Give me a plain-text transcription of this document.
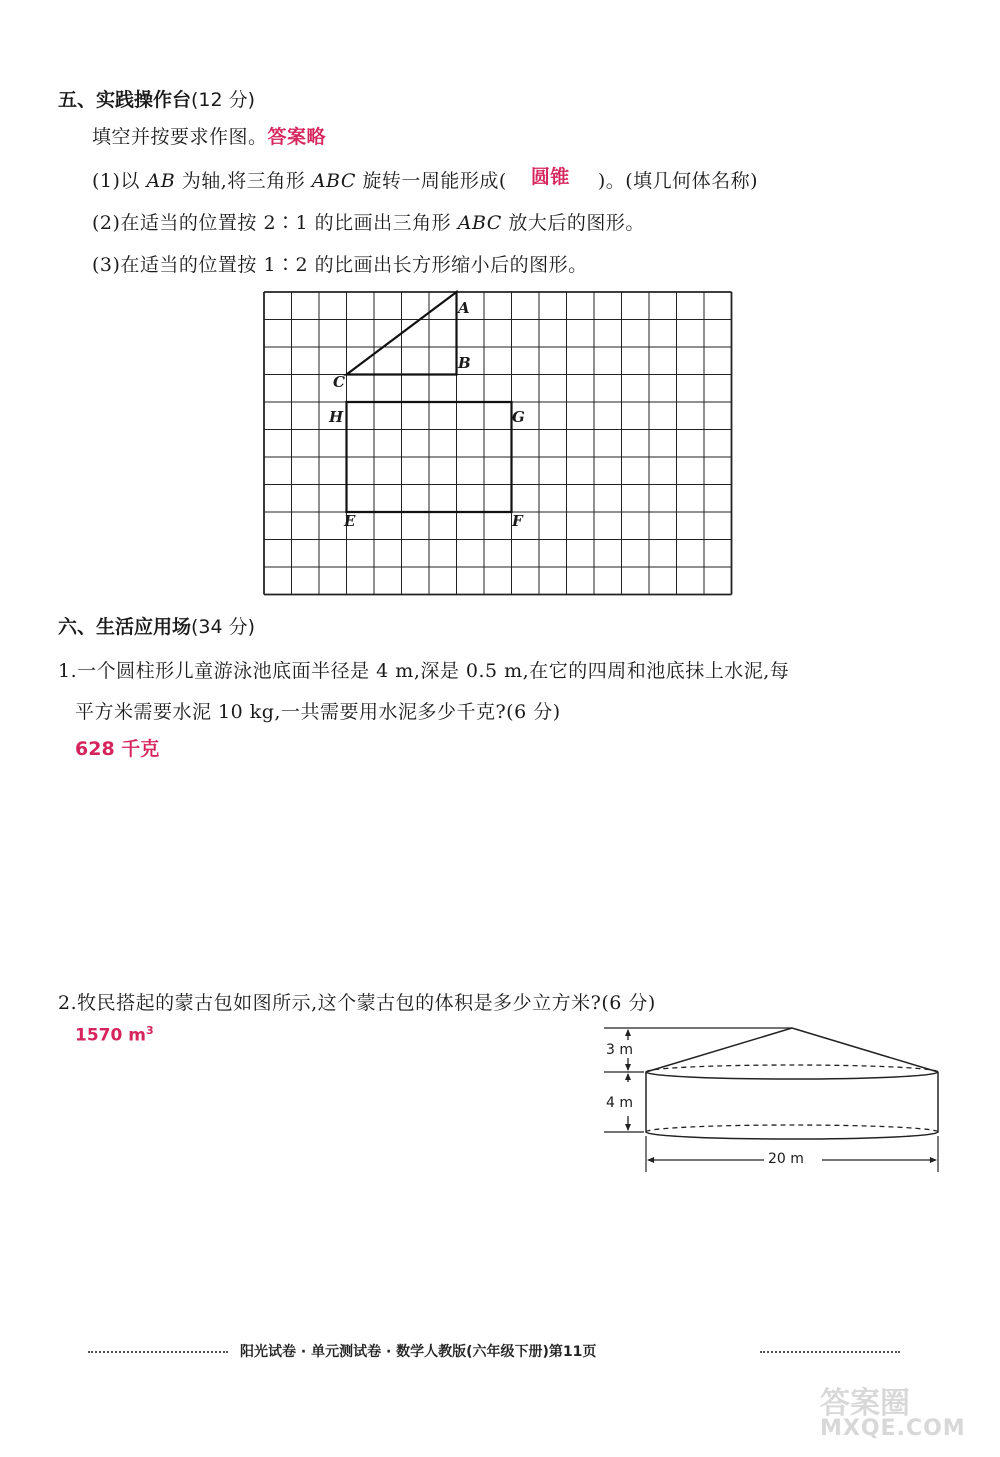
五、实践操作台(12 分)
填空并按要求作图。答案略
(1)以 AB 为轴,将三角形 ABC 旋转一周能形成( 圆锥 )。(填几何体名称)
(2)在适当的位置按 2∶1 的比画出三角形 ABC 放大后的图形。
(3)在适当的位置按 1∶2 的比画出长方形缩小后的图形。
A
B
C
H	G
E	F
六、生活应用场(34 分)
1.一个圆柱形儿童游泳池底面半径是 4 m,深是 0.5 m,在它的四周和池底抹上水泥,每
平方米需要水泥 10 kg,一共需要用水泥多少千克?(6 分)
628 千克
2.牧民搭起的蒙古包如图所示,这个蒙古包的体积是多少立方米?(6 分)
1570 $m^3$
3 m
4 m
20 m
阳光试卷 · 单元测试卷 · 数学人教版(六年级下册)第11页
答案圈
MXQE.COM
